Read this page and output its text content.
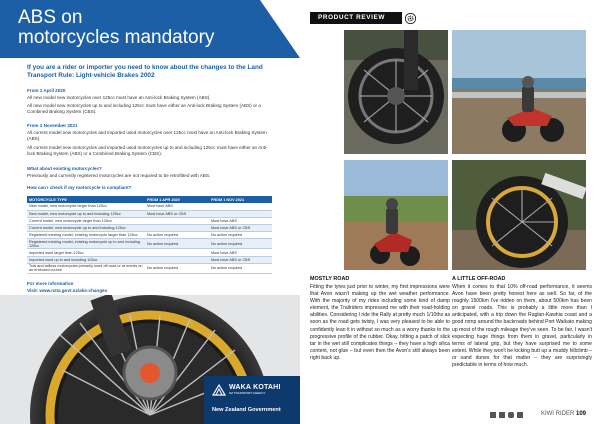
ABS on
motorcycles mandatory

If you are a rider or importer you need to know about the changes to the Land Transport Rule: Light-vehicle Brakes 2002

From 1 April 2020

All new model new motorcycles over 125cc must have an Anti-lock Braking System (ABS).

All new model new motorcycles up to and including 125cc must have either an Anti-lock Braking System (ABS) or a Combined Braking System (CBS).

From 1 November 2021

All current model new motorcycles and imported used motorcycles over 125cc must have an Anti-lock Braking System (ABS).

All current model new motorcycles and imported used motorcycles up to and including 125cc must have either an Anti-lock Braking System (ABS) or a Combined Braking System (CBS).

What about existing motorcycles?

Previously and currently registered motorcycles are not required to be retrofitted with ABS.

How can I check if my motorcycle is compliant?
MOTORCYCLE TYPE	FROM 1 APR 2020	FROM 1 NOV 2021
New model, new motorcycle larger than 125cc	Must have ABS	
New model, new motorcycle up to and including 125cc	Must have ABS or CBS	
Current model, new motorcycle larger than 125cc		Must have ABS
Current model, new motorcycle up to and including 125cc		Must have ABS or CBS
Registered existing model, existing motorcycle larger than 125cc	No action required	No action required
Registered existing model, existing motorcycle up to and including 125cc	No action required	No action required
Imported used larger than 125cc		Must have ABS
Imported used up to and including 125cc		Must have ABS or CBS
Trial and tailless motorcycles primarily used off-road or at events on an enclosed course	No action required	No action required
For more information
Visit: www.nzta.govt.nz/abs-changes
WAKA KOTAHI
NZ TRANSPORT AGENCY
New Zealand Government
PRODUCT REVIEW
MOSTLY ROAD

Fitting the tyres just prior to winter, my first impressions were that Avon wasn't making up the wet weather performance. With the majority of my rides including some kind of damp element, the Trailriders impressed me with their road-holding abilities. Considering I ride the Rally at pretty much 1/10ths as soon as the road gets twisty, I was very pleased to be able to confidently lean it in without so much as a worry thanks to the progressive profile of the rubber. Okay, hitting a patch of slick tar in the wet still complicates things – they have a high silica content, not glue – but even then the Avon's still always been right back up.

A LITTLE OFF-ROAD

When it comes to that 10% off-road performance, it seems Avon have been pretty honest here as well. So far, of the roughly 1500km I've ridden on them, about 500km has been on gravel roads. This is probably a little more than I anticipated, with a trip down the Raglan-Kawhia coast and a good romp around the backroads behind Port Waikato making up most of the rough mileage they've seen. To be fair, I wasn't expecting huge things from them in gravel, particularly in terms of lateral grip, but they have surprised me to some extent. While they won't be kicking butt up a muddy hillclimb – or sand dunes for that matter – they are surprisingly predictable in terms of how much.

KIWI RIDER 109
